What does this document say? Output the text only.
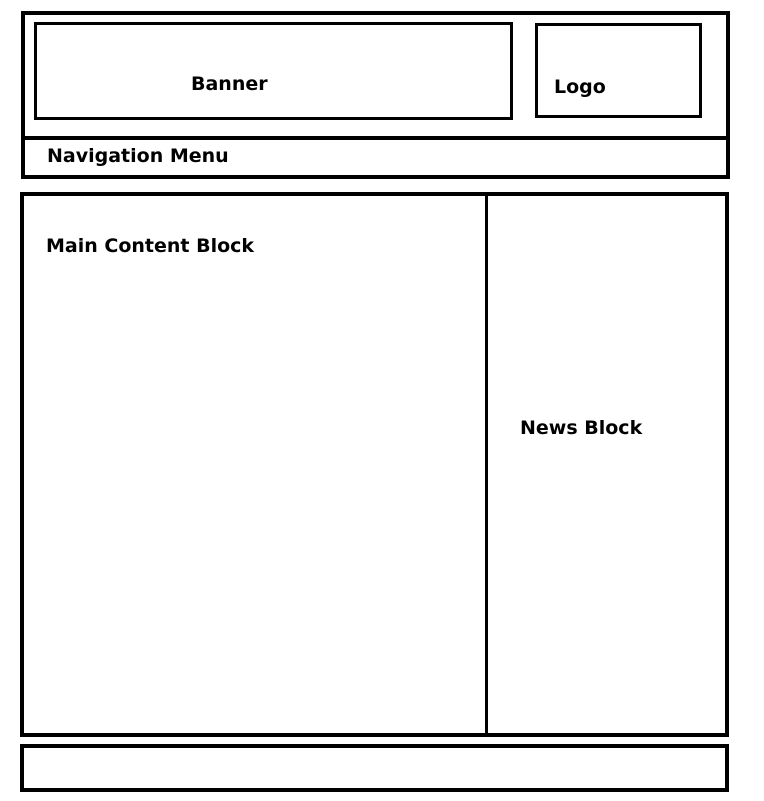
Banner	Logo
Navigation Menu
Main Content Block
News Block
